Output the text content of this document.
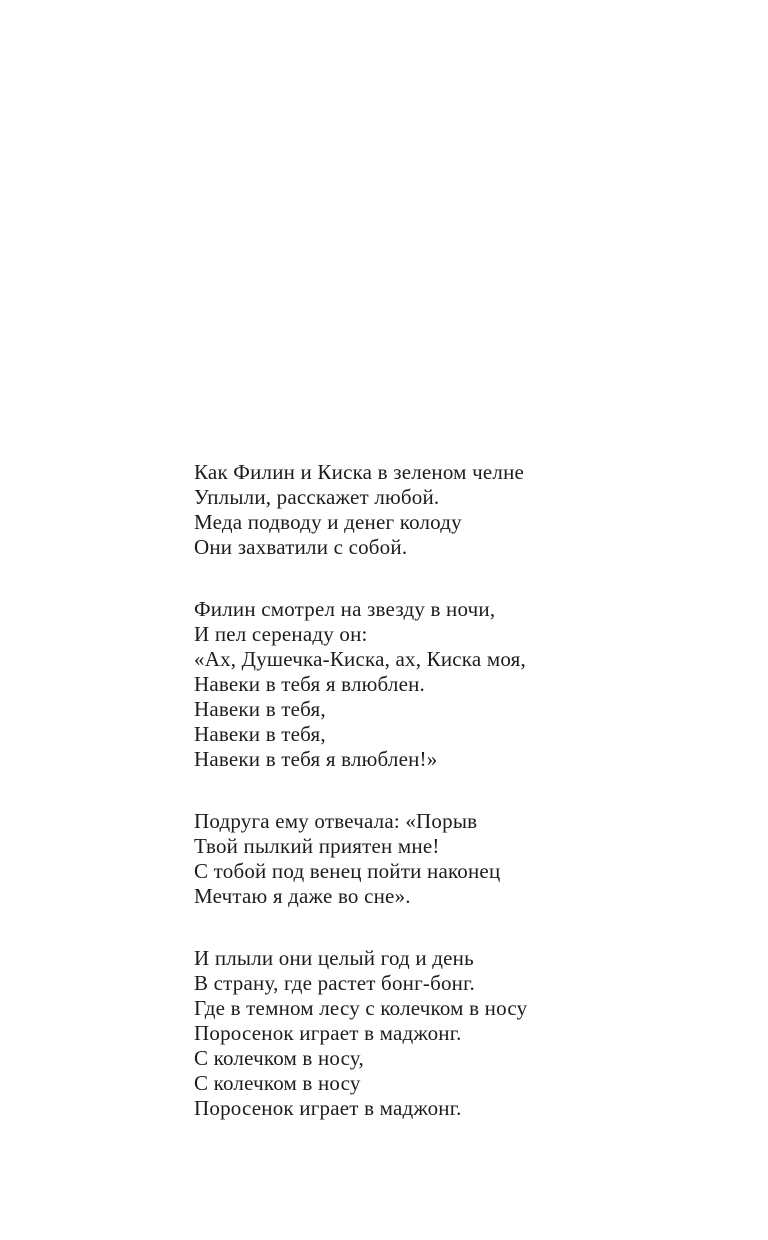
Как Филин и Киска в зеленом челне
Уплыли, расскажет любой.
Меда подводу и денег колоду
Они захватили с собой.
Филин смотрел на звезду в ночи,
И пел серенаду он:
«Ах, Душечка-Киска, ах, Киска моя,
Навеки в тебя я влюблен.
Навеки в тебя,
Навеки в тебя,
Навеки в тебя я влюблен!»
Подруга ему отвечала: «Порыв
Твой пылкий приятен мне!
С тобой под венец пойти наконец
Мечтаю я даже во сне».
И плыли они целый год и день
В страну, где растет бонг-бонг.
Где в темном лесу с колечком в носу
Поросенок играет в маджонг.
С колечком в носу,
С колечком в носу
Поросенок играет в маджонг.
